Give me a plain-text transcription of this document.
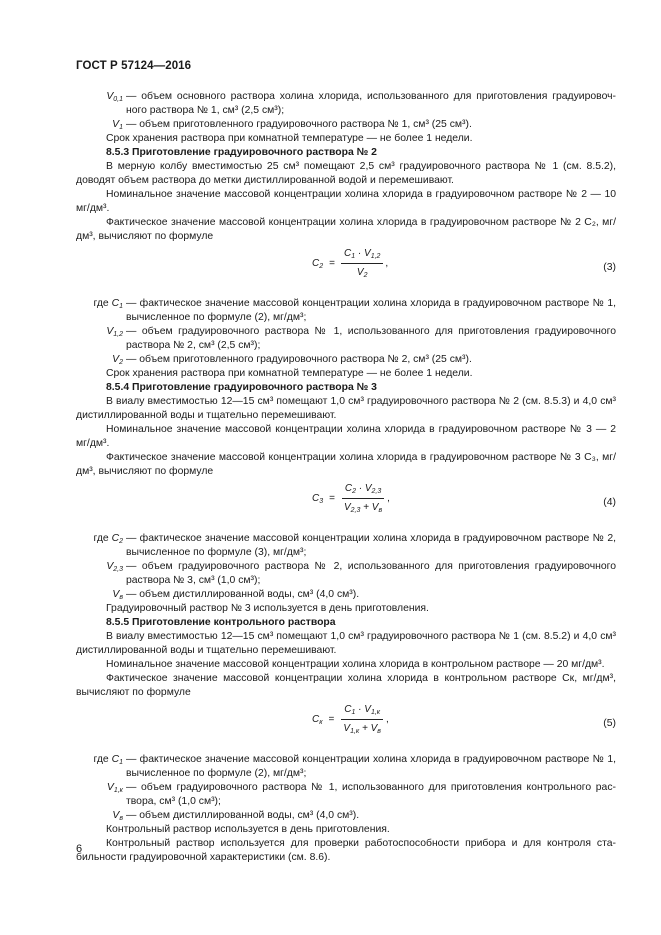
ГОСТ Р 57124—2016

$V_{0,1}$ — объем основного раствора холина хлорида, использованного для приготовления градуировоч-ного раствора № 1, см³ (2,5 см³);

$V_1$ — объем приготовленного градуировочного раствора № 1, см³ (25 см³).

Срок хранения раствора при комнатной температуре — не более 1 недели.

8.5.3 Приготовление градуировочного раствора № 2

В мерную колбу вместимостью 25 см³ помещают 2,5 см³ градуировочного раствора № 1 (см. 8.5.2), доводят объем раствора до метки дистиллированной водой и перемешивают.

Номинальное значение массовой концентрации холина хлорида в градуировочном растворе № 2 — 10 мг/дм³.

Фактическое значение массовой концентрации холина хлорида в градуировочном растворе № 2 C₂, мг/дм³, вычисляют по формуле

$C_2 = \frac{C_1 \cdot V_{1,2}}{V_2}$ ,	(3)

где $C_1$ — фактическое значение массовой концентрации холина хлорида в градуировочном растворе № 1, вычисленное по формуле (2), мг/дм³;

$V_{1,2}$ — объем градуировочного раствора № 1, использованного для приготовления градуировочного раствора № 2, см³ (2,5 см³);

$V_2$ — объем приготовленного градуировочного раствора № 2, см³ (25 см³).

Срок хранения раствора при комнатной температуре — не более 1 недели.

8.5.4 Приготовление градуировочного раствора № 3

В виалу вместимостью 12—15 см³ помещают 1,0 см³ градуировочного раствора № 2 (см. 8.5.3) и 4,0 см³ дистиллированной воды и тщательно перемешивают.

Номинальное значение массовой концентрации холина хлорида в градуировочном растворе № 3 — 2 мг/дм³.

Фактическое значение массовой концентрации холина хлорида в градуировочном растворе № 3 C₃, мг/дм³, вычисляют по формуле

$C_3 = \frac{C_2 \cdot V_{2,3}}{V_{2,3} + V_в}$ ,	(4)

где $C_2$ — фактическое значение массовой концентрации холина хлорида в градуировочном растворе № 2, вычисленное по формуле (3), мг/дм³;

$V_{2,3}$ — объем градуировочного раствора № 2, использованного для приготовления градуировочного раствора № 3, см³ (1,0 см³);

$V_в$ — объем дистиллированной воды, см³ (4,0 см³).

Градуировочный раствор № 3 используется в день приготовления.

8.5.5 Приготовление контрольного раствора

В виалу вместимостью 12—15 см³ помещают 1,0 см³ градуировочного раствора № 1 (см. 8.5.2) и 4,0 см³ дистиллированной воды и тщательно перемешивают.

Номинальное значение массовой концентрации холина хлорида в контрольном растворе — 20 мг/дм³.

Фактическое значение массовой концентрации холина хлорида в контрольном растворе Cк, мг/дм³, вычисляют по формуле

$C_к = \frac{C_1 \cdot V_{1,к}}{V_{1,к} + V_в}$ ,	(5)

где $C_1$ — фактическое значение массовой концентрации холина хлорида в градуировочном растворе № 1, вычисленное по формуле (2), мг/дм³;

$V_{1,к}$ — объем градуировочного раствора № 1, использованного для приготовления контрольного рас-твора, см³ (1,0 см³);

$V_в$ — объем дистиллированной воды, см³ (4,0 см³).

Контрольный раствор используется в день приготовления.

Контрольный раствор используется для проверки работоспособности прибора и для контроля ста-бильности градуировочной характеристики (см. 8.6).

6
